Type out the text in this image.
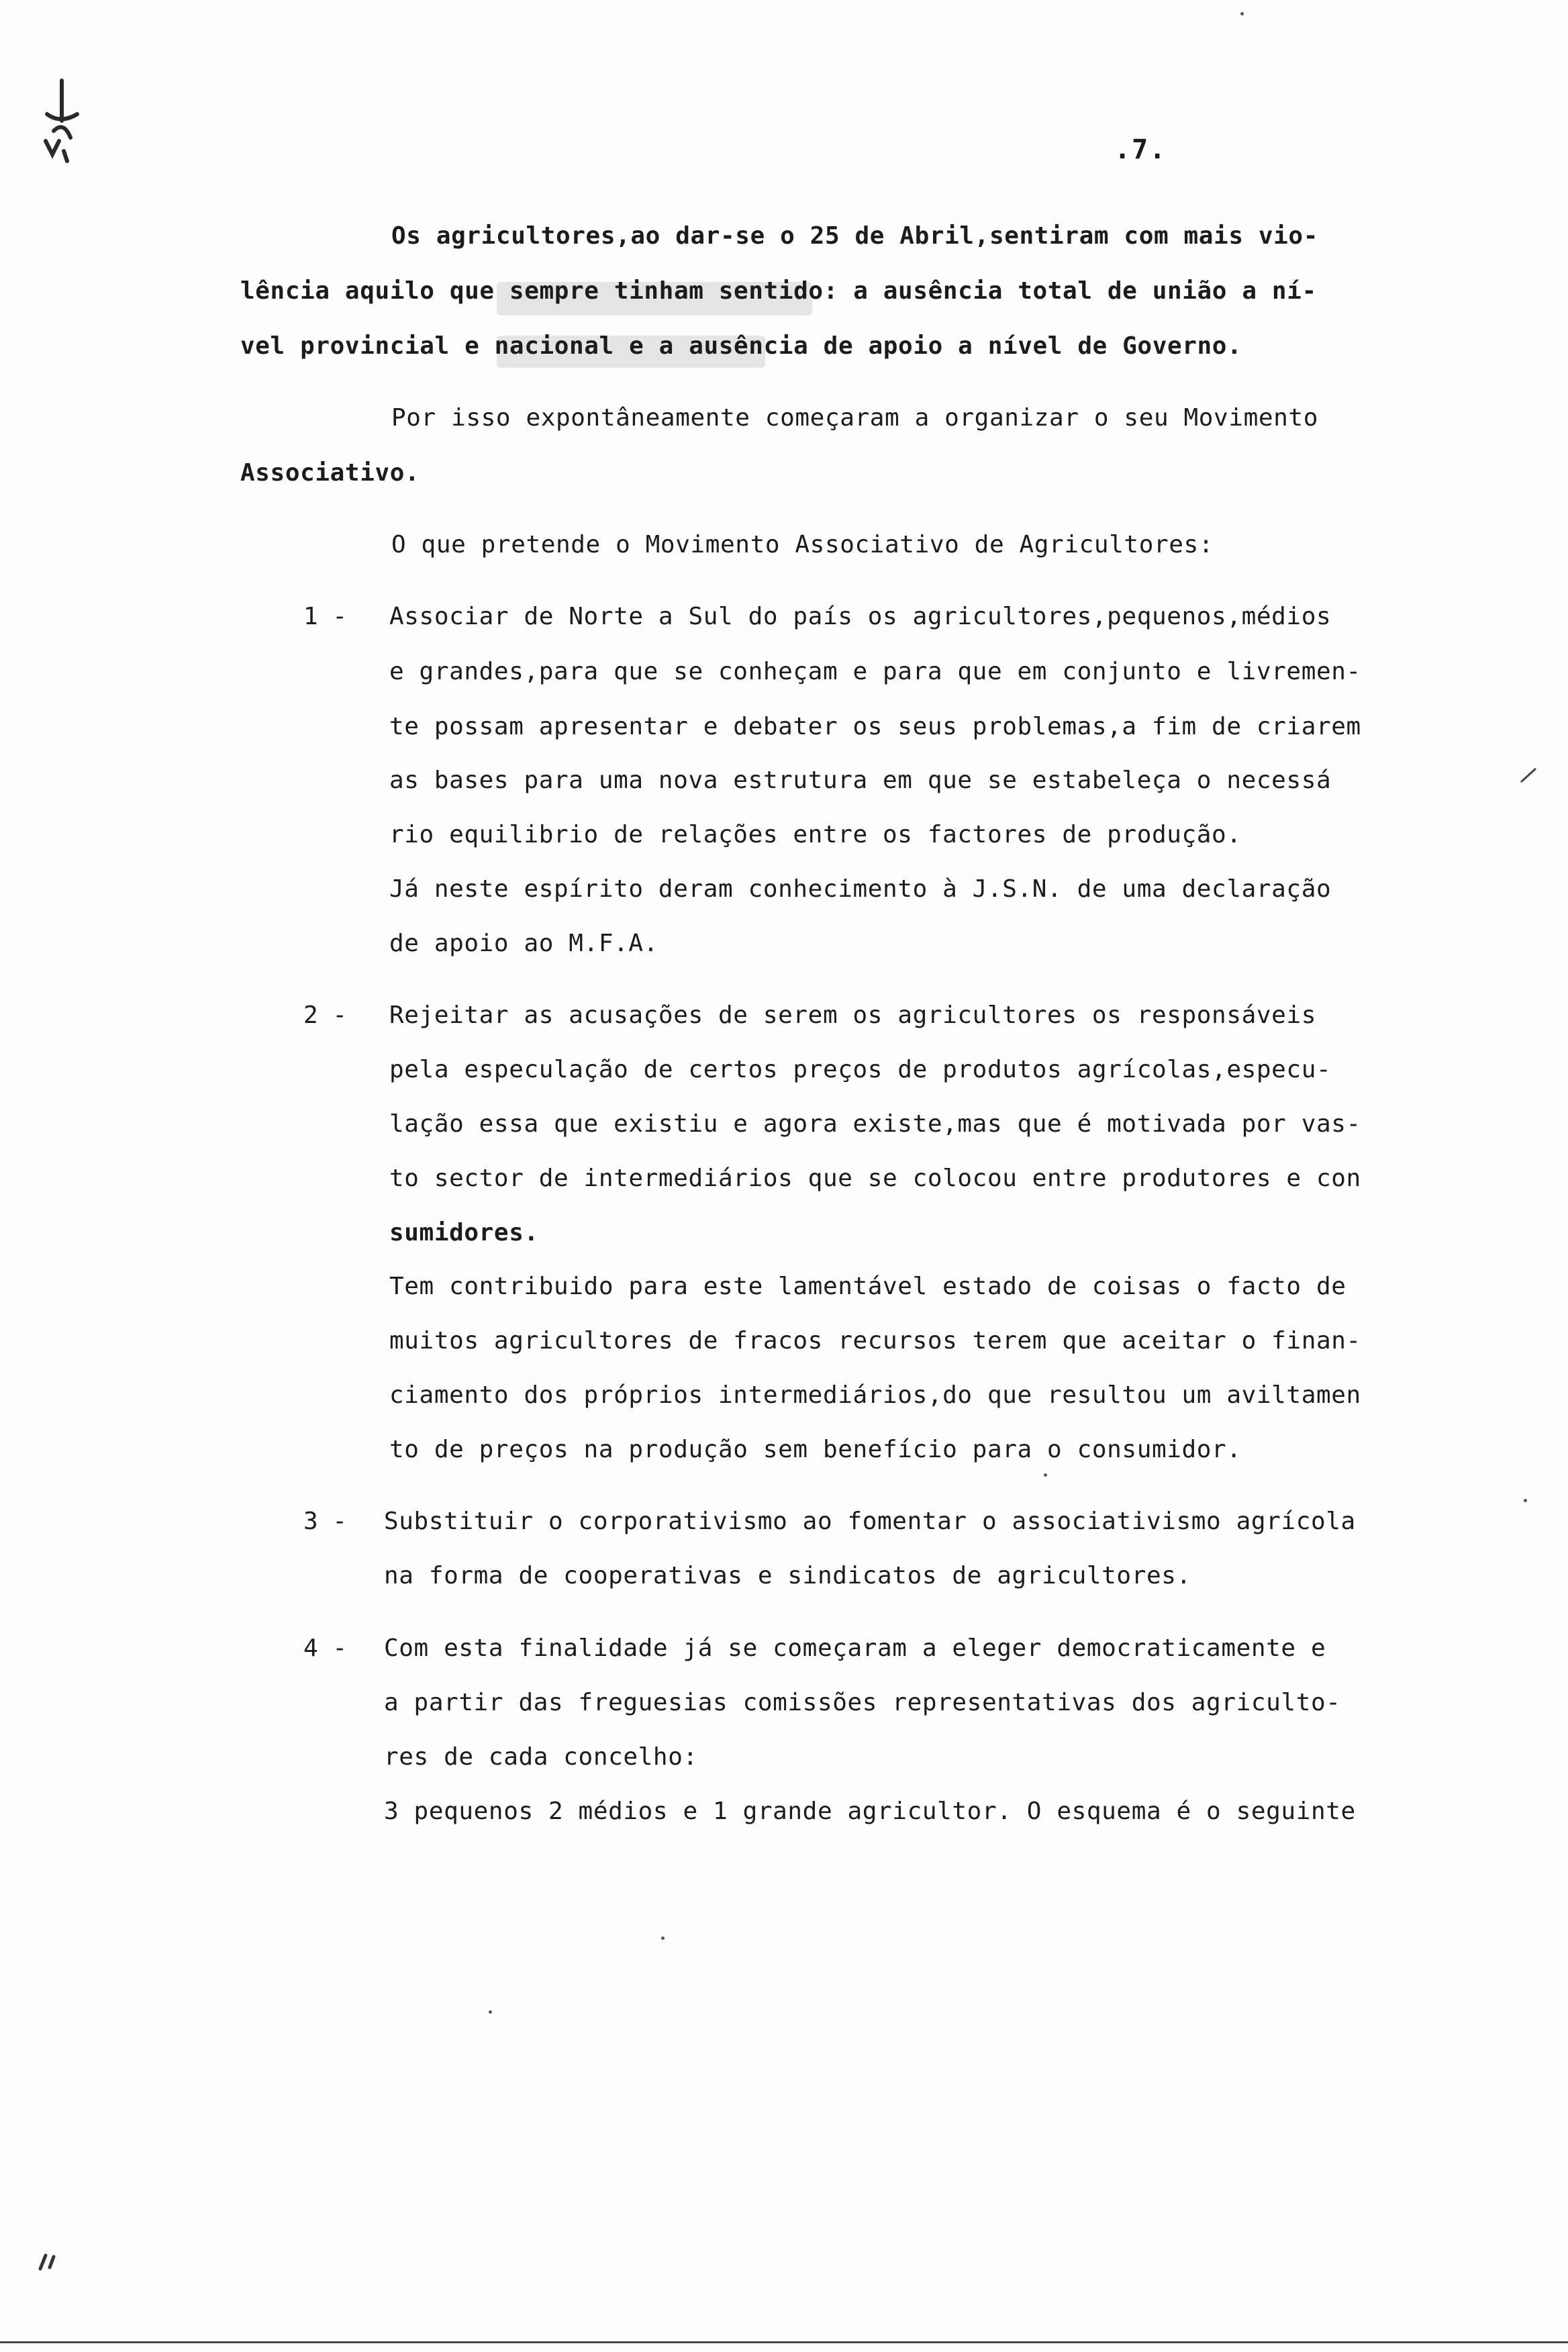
.7.
Os agricultores,ao dar-se o 25 de Abril,sentiram com mais vio-
lência aquilo que sempre tinham sentido: a ausência total de união a ní-
vel provincial e nacional e a ausência de apoio a nível de Governo.
Por isso expontâneamente começaram a organizar o seu Movimento
Associativo.
O que pretende o Movimento Associativo de Agricultores:
1 - Associar de Norte a Sul do país os agricultores,pequenos,médios
e grandes,para que se conheçam e para que em conjunto e livremen-
te possam apresentar e debater os seus problemas,a fim de criarem
as bases para uma nova estrutura em que se estabeleça o necessá
rio equilibrio de relações entre os factores de produção.
Já neste espírito deram conhecimento à J.S.N. de uma declaração
de apoio ao M.F.A.
2 - Rejeitar as acusações de serem os agricultores os responsáveis
pela especulação de certos preços de produtos agrícolas,especu-
lação essa que existiu e agora existe,mas que é motivada por vas-
to sector de intermediários que se colocou entre produtores e con
sumidores.
Tem contribuido para este lamentável estado de coisas o facto de
muitos agricultores de fracos recursos terem que aceitar o finan-
ciamento dos próprios intermediários,do que resultou um aviltamen
to de preços na produção sem benefício para o consumidor.
3 - Substituir o corporativismo ao fomentar o associativismo agrícola
na forma de cooperativas e sindicatos de agricultores.
4 - Com esta finalidade já se começaram a eleger democraticamente e
a partir das freguesias comissões representativas dos agriculto-
res de cada concelho:
3 pequenos 2 médios e 1 grande agricultor. O esquema é o seguinte
